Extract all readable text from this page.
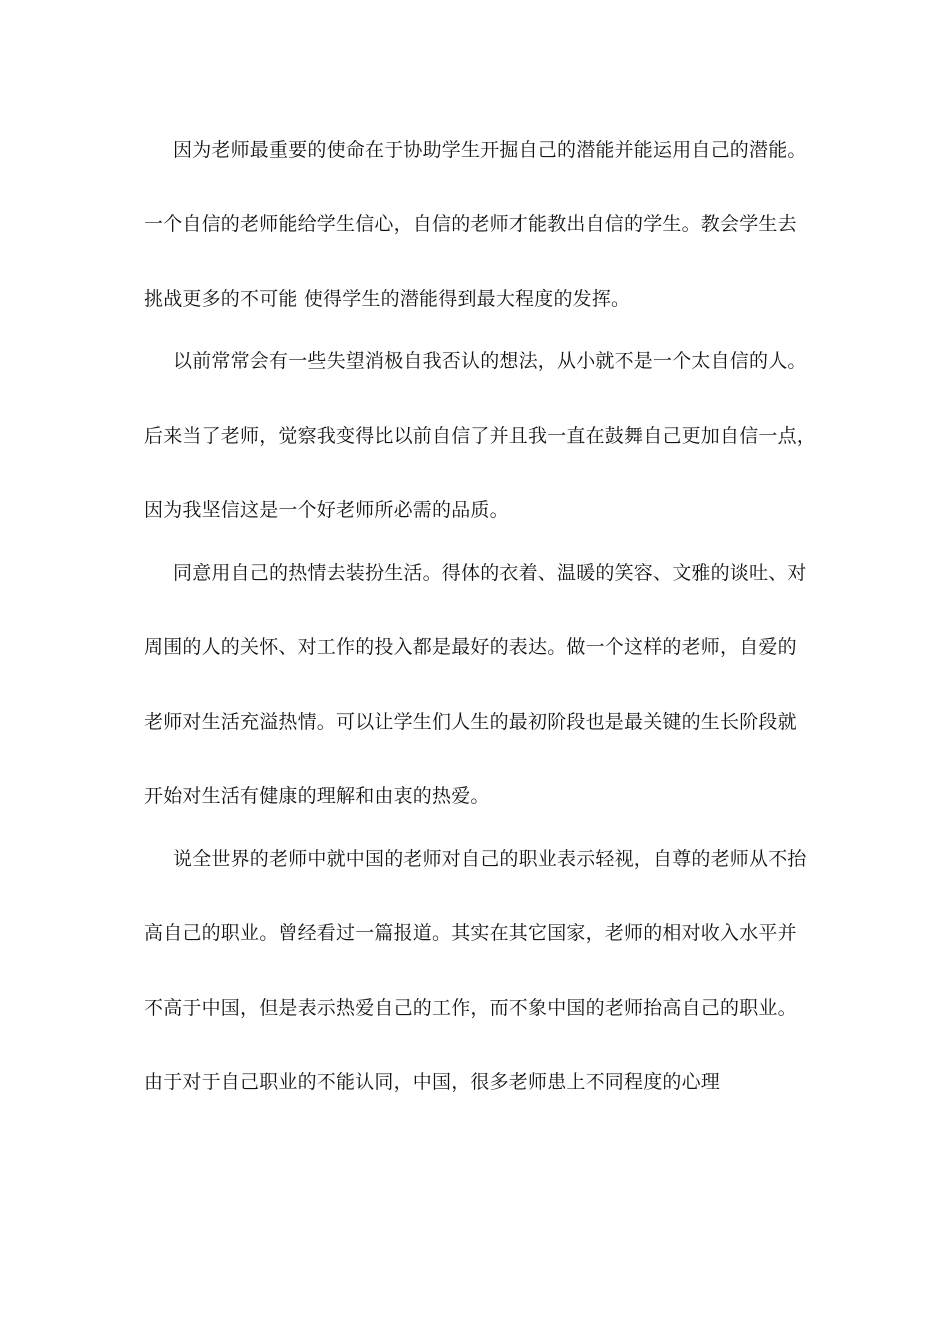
因为老师最重要的使命在于协助学生开掘自己的潜能并能运用自己的潜能。
一个自信的老师能给学生信心，自信的老师才能教出自信的学生。教会学生去
挑战更多的不可能 使得学生的潜能得到最大程度的发挥。
以前常常会有一些失望消极自我否认的想法，从小就不是一个太自信的人。
后来当了老师，觉察我变得比以前自信了并且我一直在鼓舞自己更加自信一点，
因为我坚信这是一个好老师所必需的品质。
同意用自己的热情去装扮生活。得体的衣着、温暖的笑容、文雅的谈吐、对
周围的人的关怀、对工作的投入都是最好的表达。做一个这样的老师，自爱的
老师对生活充溢热情。可以让学生们人生的最初阶段也是最关键的生长阶段就
开始对生活有健康的理解和由衷的热爱。
说全世界的老师中就中国的老师对自己的职业表示轻视，自尊的老师从不抬
高自己的职业。曾经看过一篇报道。其实在其它国家，老师的相对收入水平并
不高于中国，但是表示热爱自己的工作，而不象中国的老师抬高自己的职业。
由于对于自己职业的不能认同，中国，很多老师患上不同程度的心理
